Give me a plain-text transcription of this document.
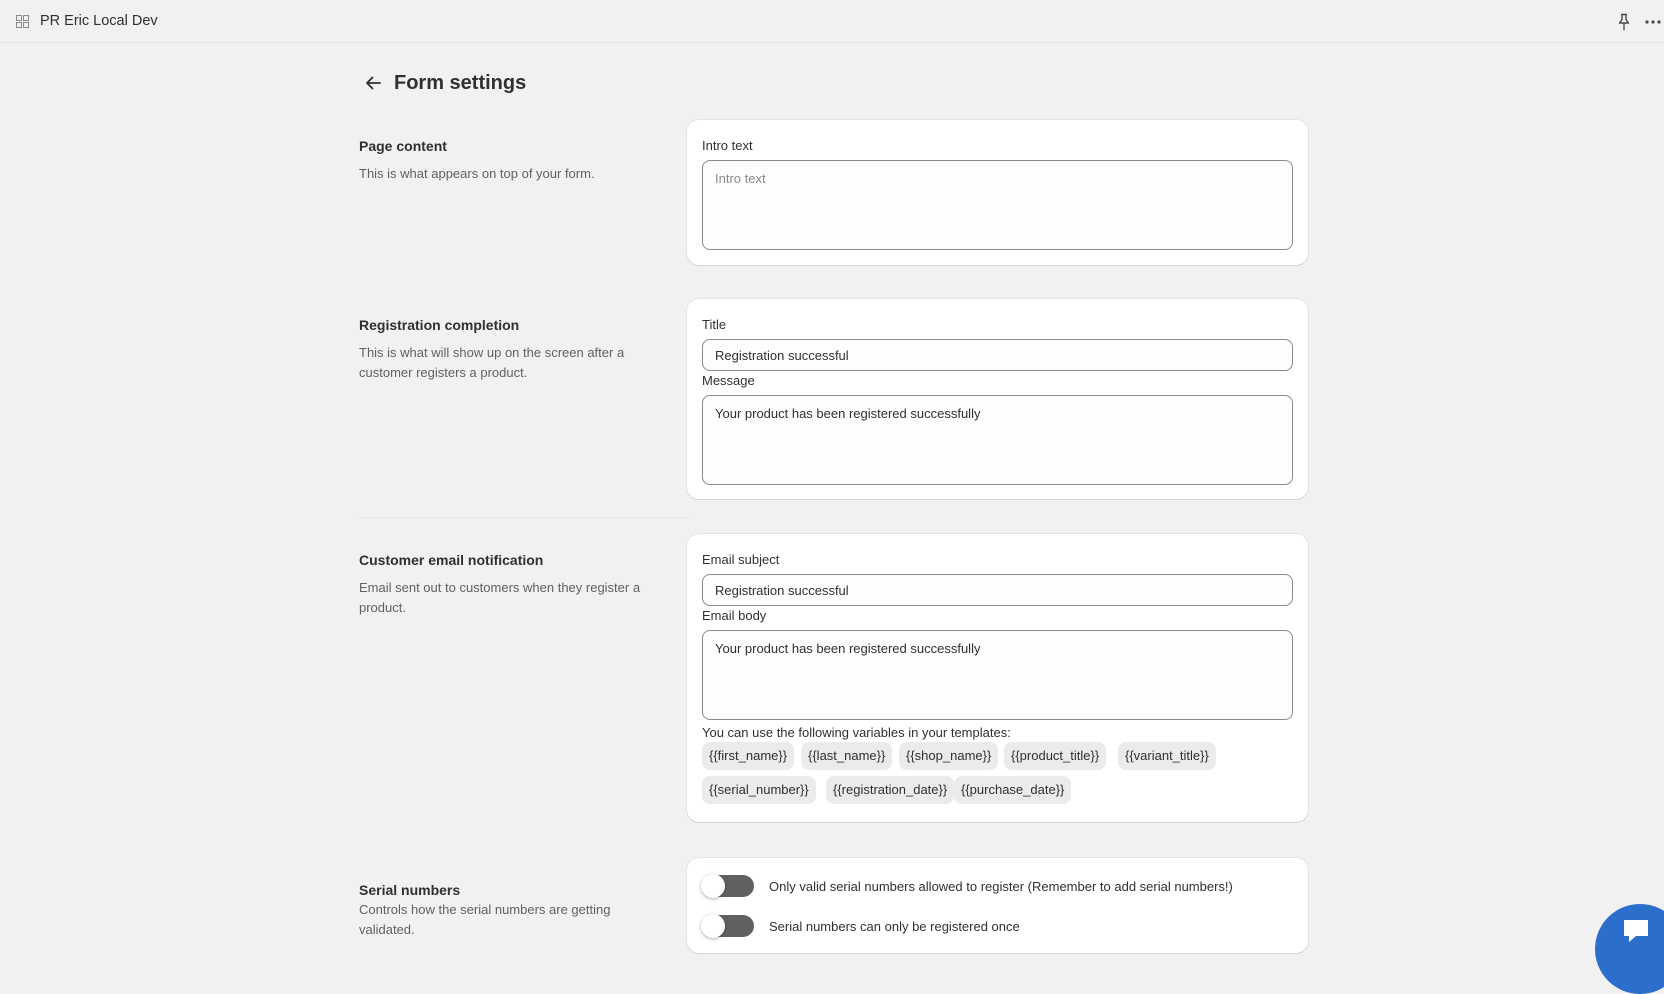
PR Eric Local Dev
Form settings
Page content
This is what appears on top of your form.
Intro text
Intro text
Registration completion
This is what will show up on the screen after a customer registers a product.
Title
Registration successful
Message
Your product has been registered successfully
Customer email notification
Email sent out to customers when they register a product.
Email subject
Registration successful
Email body
Your product has been registered successfully
You can use the following variables in your templates:
{{first_name}}	{{last_name}}	{{shop_name}}	{{product_title}}	{{variant_title}}
{{serial_number}}	{{registration_date}}	{{purchase_date}}
Serial numbers
Controls how the serial numbers are getting validated.
Only valid serial numbers allowed to register (Remember to add serial numbers!)
Serial numbers can only be registered once
